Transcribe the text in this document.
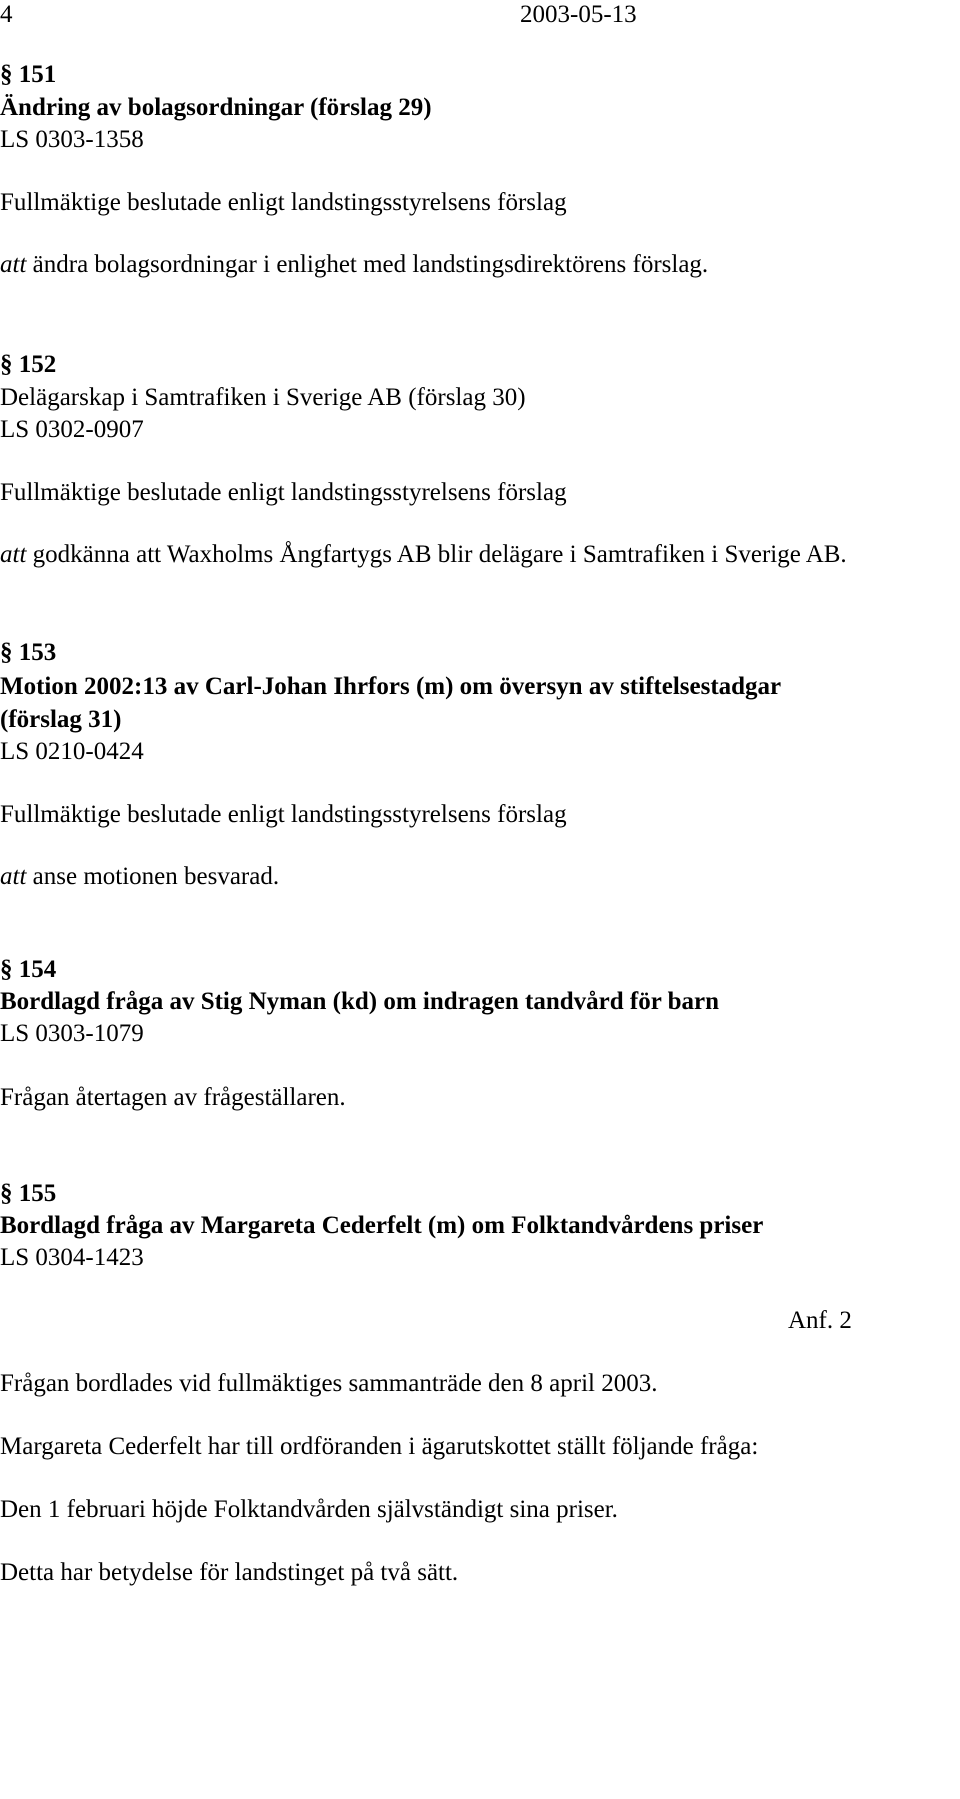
4	2003-05-13
§ 151
Ändring av bolagsordningar (förslag 29)
LS 0303-1358
Fullmäktige beslutade enligt landstingsstyrelsens förslag
att ändra bolagsordningar i enlighet med landstingsdirektörens förslag.
§ 152
Delägarskap i Samtrafiken i Sverige AB (förslag 30)
LS 0302-0907
Fullmäktige beslutade enligt landstingsstyrelsens förslag
att godkänna att Waxholms Ångfartygs AB blir delägare i Samtrafiken i Sverige AB.
§ 153
Motion 2002:13 av Carl-Johan Ihrfors (m) om översyn av stiftelsestadgar
(förslag 31)
LS 0210-0424
Fullmäktige beslutade enligt landstingsstyrelsens förslag
att anse motionen besvarad.
§ 154
Bordlagd fråga av Stig Nyman (kd) om indragen tandvård för barn
LS 0303-1079
Frågan återtagen av frågeställaren.
§ 155
Bordlagd fråga av Margareta Cederfelt (m) om Folktandvårdens priser
LS 0304-1423
Anf. 2
Frågan bordlades vid fullmäktiges sammanträde den 8 april 2003.
Margareta Cederfelt har till ordföranden i ägarutskottet ställt följande fråga:
Den 1 februari höjde Folktandvården självständigt sina priser.
Detta har betydelse för landstinget på två sätt.
